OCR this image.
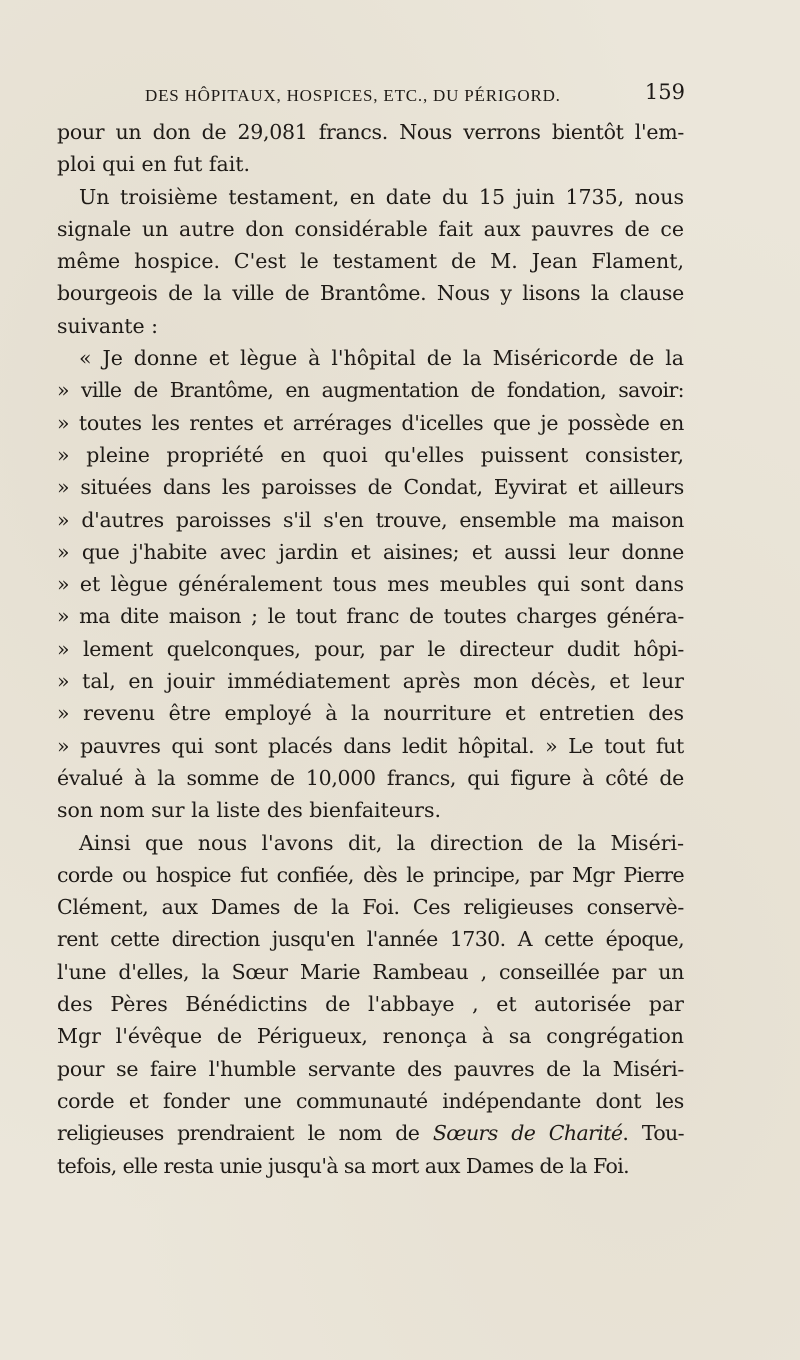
DES HÔPITAUX, HOSPICES, ETC., DU PÉRIGORD.	159
pour un don de 29,081 francs. Nous verrons bientôt l'em-
ploi qui en fut fait.
Un troisième testament, en date du 15 juin 1735, nous
signale un autre don considérable fait aux pauvres de ce
même hospice. C'est le testament de M. Jean Flament,
bourgeois de la ville de Brantôme. Nous y lisons la clause
suivante :
« Je donne et lègue à l'hôpital de la Miséricorde de la
» ville de Brantôme, en augmentation de fondation, savoir:
» toutes les rentes et arrérages d'icelles que je possède en
» pleine propriété en quoi qu'elles puissent consister,
» situées dans les paroisses de Condat, Eyvirat et ailleurs
» d'autres paroisses s'il s'en trouve, ensemble ma maison
» que j'habite avec jardin et aisines; et aussi leur donne
» et lègue généralement tous mes meubles qui sont dans
» ma dite maison ; le tout franc de toutes charges généra-
» lement quelconques, pour, par le directeur dudit hôpi-
» tal, en jouir immédiatement après mon décès, et leur
» revenu être employé à la nourriture et entretien des
» pauvres qui sont placés dans ledit hôpital. » Le tout fut
évalué à la somme de 10,000 francs, qui figure à côté de
son nom sur la liste des bienfaiteurs.
Ainsi que nous l'avons dit, la direction de la Miséri-
corde ou hospice fut confiée, dès le principe, par Mgr Pierre
Clément, aux Dames de la Foi. Ces religieuses conservè-
rent cette direction jusqu'en l'année 1730. A cette époque,
l'une d'elles, la Sœur Marie Rambeau , conseillée par un
des Pères Bénédictins de l'abbaye , et autorisée par
Mgr l'évêque de Périgueux, renonça à sa congrégation
pour se faire l'humble servante des pauvres de la Miséri-
corde et fonder une communauté indépendante dont les
religieuses prendraient le nom de Sœurs de Charité. Tou-
tefois, elle resta unie jusqu'à sa mort aux Dames de la Foi.
